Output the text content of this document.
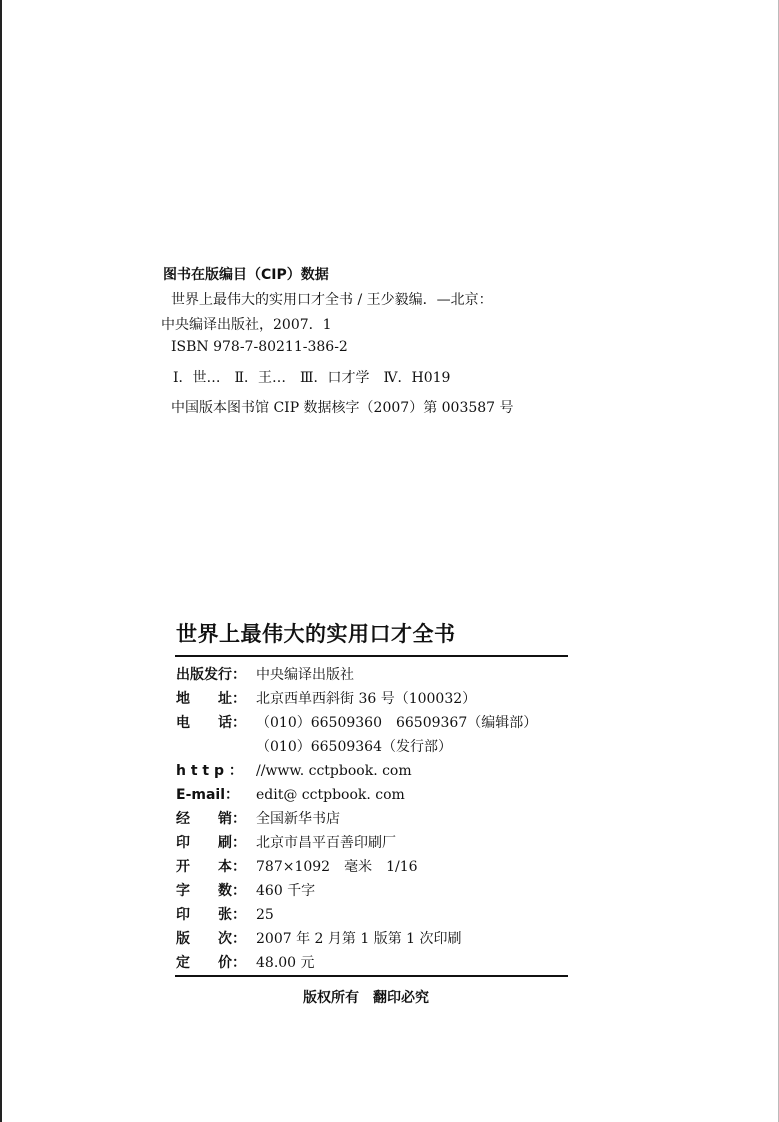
图书在版编目（CIP）数据
世界上最伟大的实用口才全书 / 王少毅编．—北京：
中央编译出版社，2007．1
ISBN 978-7-80211-386-2
Ⅰ．世…　Ⅱ．王…　Ⅲ．口才学　Ⅳ．H019
中国版本图书馆 CIP 数据核字（2007）第 003587 号
世界上最伟大的实用口才全书
出版发行： 中央编译出版社
地　　址： 北京西单西斜街 36 号（100032）
电　　话： （010）66509360　66509367（编辑部）
（010）66509364（发行部）
h t t p ： //www. cctpbook. com
E-mail： edit@ cctpbook. com
经　　销： 全国新华书店
印　　刷： 北京市昌平百善印刷厂
开　　本： 787×1092　毫米　1/16
字　　数： 460 千字
印　　张： 25
版　　次： 2007 年 2 月第 1 版第 1 次印刷
定　　价： 48.00 元
版权所有　翻印必究
